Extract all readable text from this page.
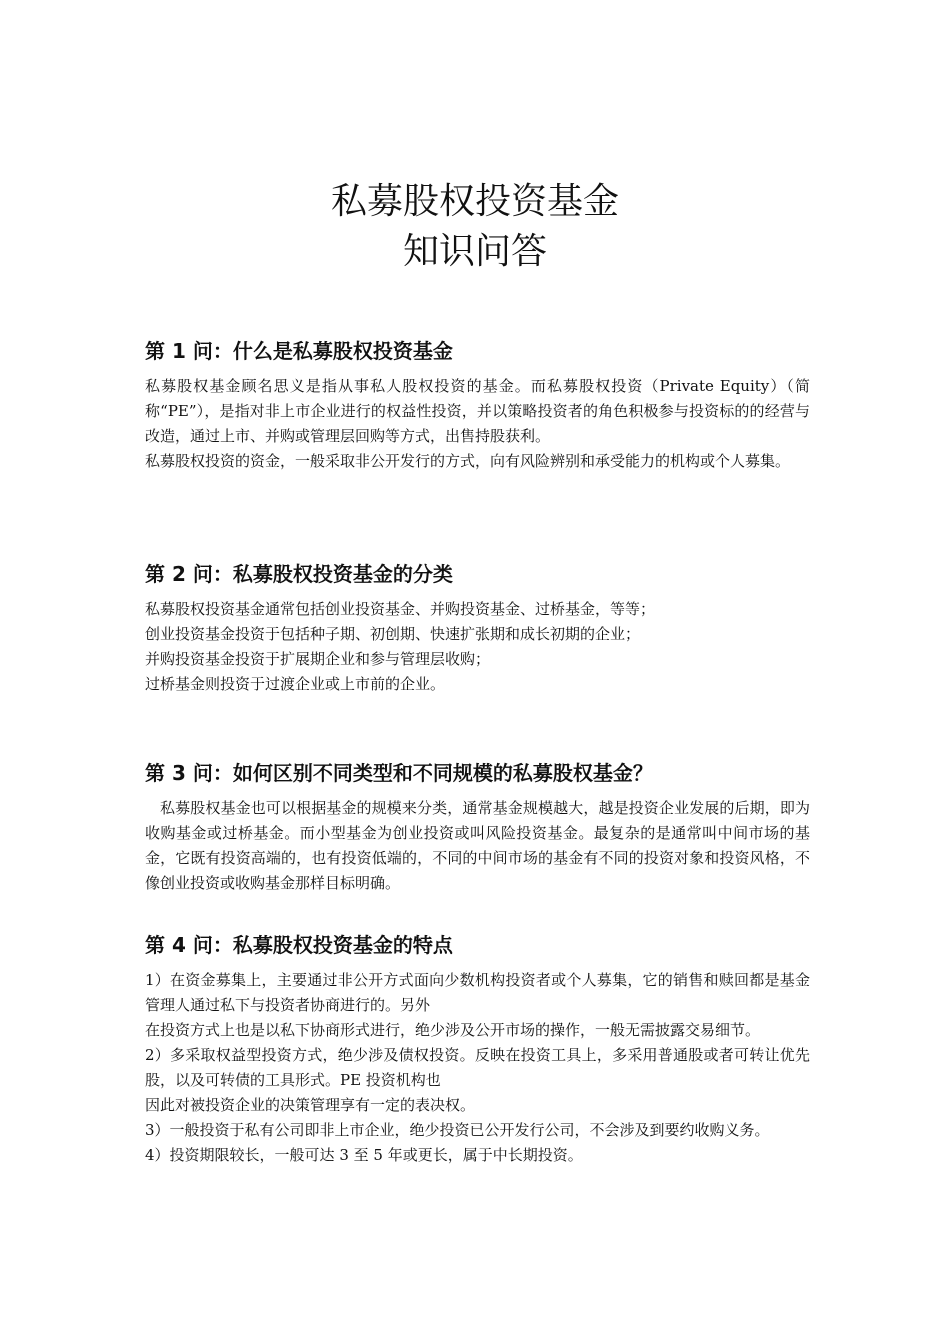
私募股权投资基金
知识问答
第 1 问：什么是私募股权投资基金

私募股权基金顾名思义是指从事私人股权投资的基金。而私募股权投资（Private Equity）（简称“PE”），是指对非上市企业进行的权益性投资，并以策略投资者的角色积极参与投资标的的经营与改造，通过上市、并购或管理层回购等方式，出售持股获利。

私募股权投资的资金，一般采取非公开发行的方式，向有风险辨别和承受能力的机构或个人募集。

第 2 问：私募股权投资基金的分类

私募股权投资基金通常包括创业投资基金、并购投资基金、过桥基金，等等；

创业投资基金投资于包括种子期、初创期、快速扩张期和成长初期的企业；

并购投资基金投资于扩展期企业和参与管理层收购；

过桥基金则投资于过渡企业或上市前的企业。

第 3 问：如何区别不同类型和不同规模的私募股权基金？

私募股权基金也可以根据基金的规模来分类，通常基金规模越大，越是投资企业发展的后期，即为收购基金或过桥基金。而小型基金为创业投资或叫风险投资基金。最复杂的是通常叫中间市场的基金，它既有投资高端的，也有投资低端的，不同的中间市场的基金有不同的投资对象和投资风格，不像创业投资或收购基金那样目标明确。

第 4 问：私募股权投资基金的特点

1）在资金募集上，主要通过非公开方式面向少数机构投资者或个人募集，它的销售和赎回都是基金管理人通过私下与投资者协商进行的。另外

在投资方式上也是以私下协商形式进行，绝少涉及公开市场的操作，一般无需披露交易细节。

2）多采取权益型投资方式，绝少涉及债权投资。反映在投资工具上，多采用普通股或者可转让优先股，以及可转债的工具形式。PE 投资机构也

因此对被投资企业的决策管理享有一定的表决权。

3）一般投资于私有公司即非上市企业，绝少投资已公开发行公司，不会涉及到要约收购义务。

4）投资期限较长，一般可达 3 至 5 年或更长，属于中长期投资。
